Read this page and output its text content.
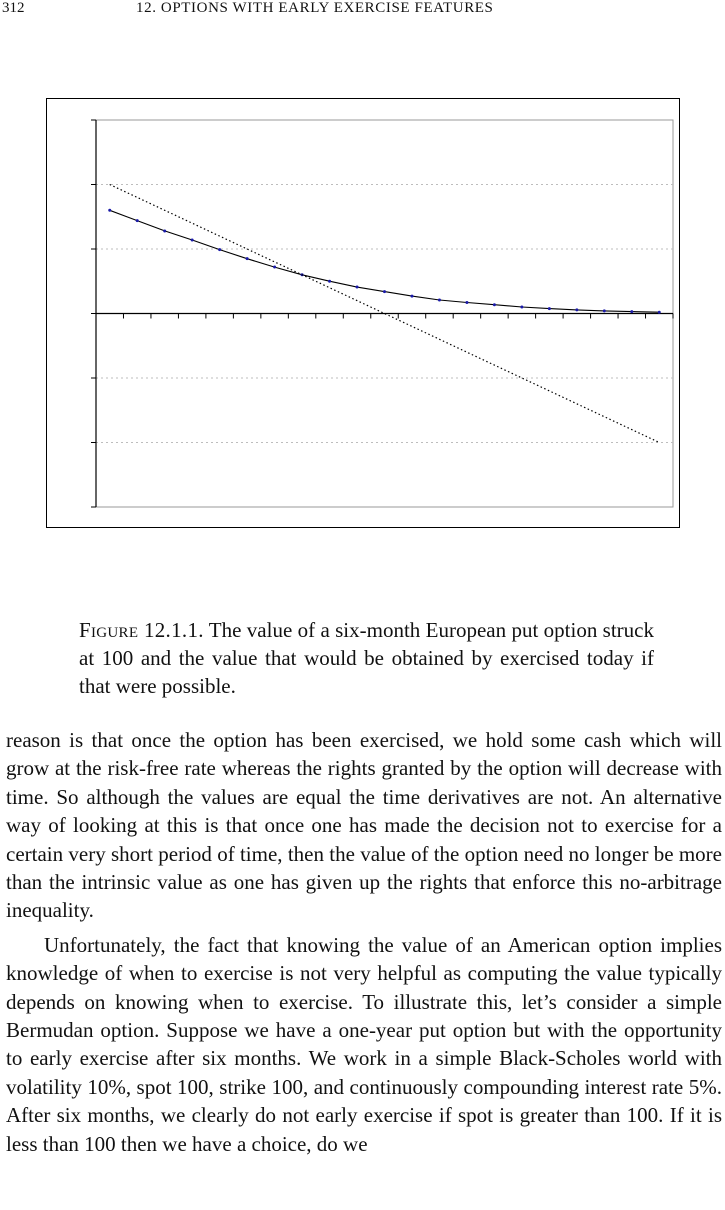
312	12. OPTIONS WITH EARLY EXERCISE FEATURES
Figure 12.1.1. The value of a six-month European put option struck at 100 and the value that would be obtained by exercised today if that were possible.

reason is that once the option has been exercised, we hold some cash which will grow at the risk-free rate whereas the rights granted by the option will decrease with time. So although the values are equal the time derivatives are not. An alternative way of looking at this is that once one has made the decision not to exercise for a certain very short period of time, then the value of the option need no longer be more than the intrinsic value as one has given up the rights that enforce this no-arbitrage inequality.

Unfortunately, the fact that knowing the value of an American option implies knowledge of when to exercise is not very helpful as computing the value typically depends on knowing when to exercise. To illustrate this, let’s consider a simple Bermudan option. Suppose we have a one-year put option but with the opportunity to early exercise after six months. We work in a simple Black-Scholes world with volatility 10%, spot 100, strike 100, and continuously compounding interest rate 5%. After six months, we clearly do not early exercise if spot is greater than 100. If it is less than 100 then we have a choice, do we
